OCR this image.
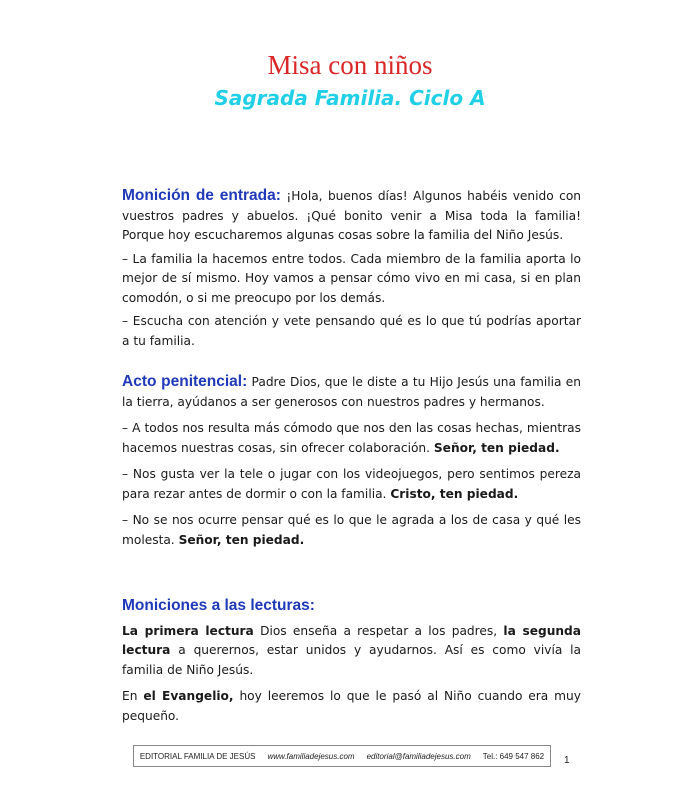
Misa con niños
Sagrada Familia. Ciclo A

Monición de entrada: ¡Hola, buenos días! Algunos habéis venido con vuestros padres y abuelos. ¡Qué bonito venir a Misa toda la familia! Porque hoy escucharemos algunas cosas sobre la familia del Niño Jesús.

– La familia la hacemos entre todos. Cada miembro de la familia aporta lo mejor de sí mismo. Hoy vamos a pensar cómo vivo en mi casa, si en plan comodón, o si me preocupo por los demás.

– Escucha con atención y vete pensando qué es lo que tú podrías aportar a tu familia.

Acto penitencial: Padre Dios, que le diste a tu Hijo Jesús una familia en la tierra, ayúdanos a ser generosos con nuestros padres y hermanos.

– A todos nos resulta más cómodo que nos den las cosas hechas, mientras hacemos nuestras cosas, sin ofrecer colaboración. Señor, ten piedad.

– Nos gusta ver la tele o jugar con los videojuegos, pero sentimos pereza para rezar antes de dormir o con la familia. Cristo, ten piedad.

– No se nos ocurre pensar qué es lo que le agrada a los de casa y qué les molesta. Señor, ten piedad.

Moniciones a las lecturas:

La primera lectura Dios enseña a respetar a los padres, la segunda lectura a querernos, estar unidos y ayudarnos. Así es como vivía la familia de Niño Jesús.

En el Evangelio, hoy leeremos lo que le pasó al Niño cuando era muy pequeño.

EDITORIAL FAMILIA DE JESÚS www.familiadejesus.com editorial@familiadejesus.com Tel.: 649 547 862 1
